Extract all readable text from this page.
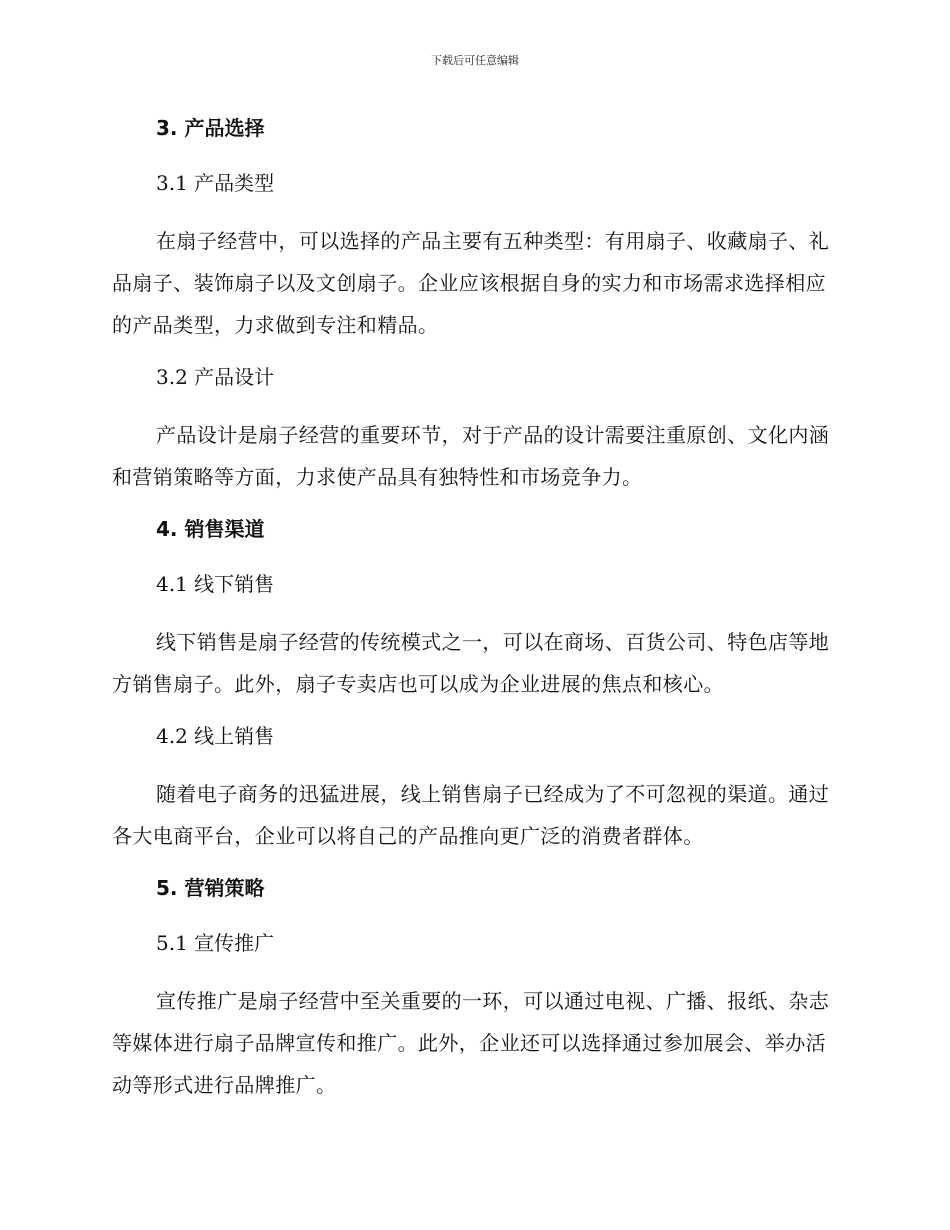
下载后可任意编辑
3. 产品选择
3.1 产品类型
在扇子经营中，可以选择的产品主要有五种类型：有用扇子、收藏扇子、礼品扇子、装饰扇子以及文创扇子。企业应该根据自身的实力和市场需求选择相应的产品类型，力求做到专注和精品。
3.2 产品设计
产品设计是扇子经营的重要环节，对于产品的设计需要注重原创、文化内涵和营销策略等方面，力求使产品具有独特性和市场竞争力。
4. 销售渠道
4.1 线下销售
线下销售是扇子经营的传统模式之一，可以在商场、百货公司、特色店等地方销售扇子。此外，扇子专卖店也可以成为企业进展的焦点和核心。
4.2 线上销售
随着电子商务的迅猛进展，线上销售扇子已经成为了不可忽视的渠道。通过各大电商平台，企业可以将自己的产品推向更广泛的消费者群体。
5. 营销策略
5.1 宣传推广
宣传推广是扇子经营中至关重要的一环，可以通过电视、广播、报纸、杂志等媒体进行扇子品牌宣传和推广。此外，企业还可以选择通过参加展会、举办活动等形式进行品牌推广。
